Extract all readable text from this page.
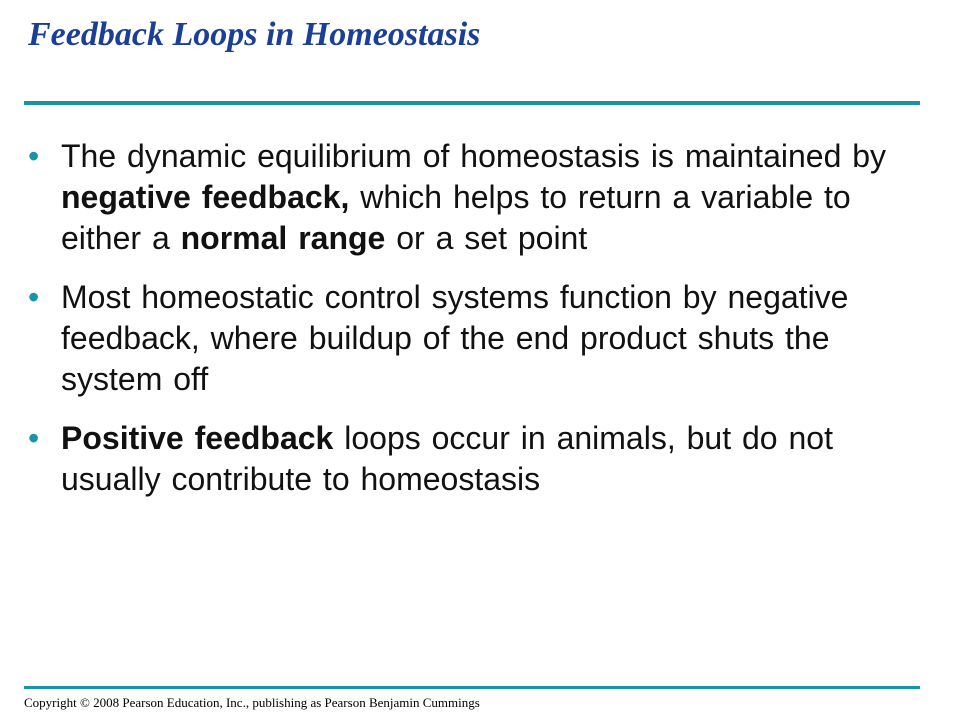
Feedback Loops in Homeostasis
•
The dynamic equilibrium of homeostasis is maintained by negative feedback, which helps to return a variable to either a normal range or a set point
•
Most homeostatic control systems function by negative feedback, where buildup of the end product shuts the system off
•
Positive feedback loops occur in animals, but do not usually contribute to homeostasis

Copyright © 2008 Pearson Education, Inc., publishing as Pearson Benjamin Cummings
